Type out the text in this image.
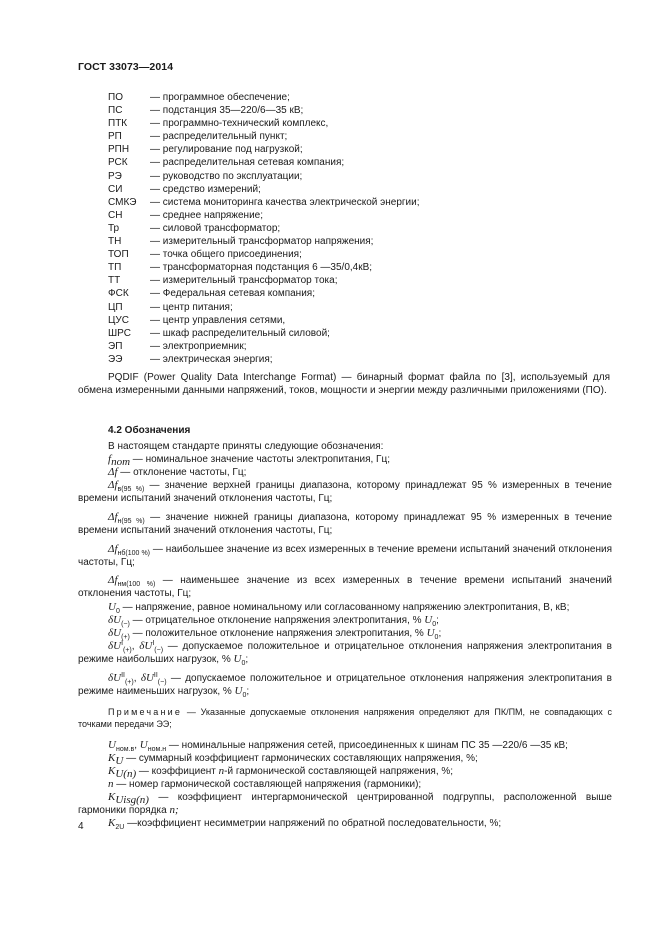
ГОСТ 33073—2014
ПО	— программное обеспечение;
ПС	— подстанция 35—220/6—35 кВ;
ПТК	— программно-технический комплекс,
РП	— распределительный пункт;
РПН	— регулирование под нагрузкой;
РСК	— распределительная сетевая компания;
РЭ	— руководство по эксплуатации;
СИ	— средство измерений;
СМКЭ	— система мониторинга качества электрической энергии;
СН	— среднее напряжение;
Тр	— силовой трансформатор;
ТН	— измерительный трансформатор напряжения;
ТОП	— точка общего присоединения;
ТП	— трансформаторная подстанция 6 —35/0,4кВ;
ТТ	— измерительный трансформатор тока;
ФСК	— Федеральная сетевая компания;
ЦП	— центр питания;
ЦУС	— центр управления сетями,
ШРС	— шкаф распределительный силовой;
ЭП	— электроприемник;
ЭЭ	— электрическая энергия;
PQDIF (Power Quality Data Interchange Format) — бинарный формат файла по [3], используемый для обмена измеренными данными напряжений, токов, мощности и энергии между различными приложениями (ПО).
4.2 Обозначения

В настоящем стандарте приняты следующие обозначения:

$f_{nom}$ — номинальное значение частоты электропитания, Гц;

Δf — отклонение частоты, Гц;

$\Delta f_{в(95 \%)}$ — значение верхней границы диапазона, которому принадлежат 95 % измеренных в течение времени испытаний значений отклонения частоты, Гц;

$\Delta f_{н(95 \%)}$ — значение нижней границы диапазона, которому принадлежат 95 % измеренных в течение времени испытаний значений отклонения частоты, Гц;

$\Delta f_{нб(100 \%)}$ — наибольшее значение из всех измеренных в течение времени испытаний значений отклонения частоты, Гц;

$\Delta f_{нм(100 \%)}$ — наименьшее значение из всех измеренных в течение времени испытаний значений отклонения частоты, Гц;

$U_0$ — напряжение, равное номинальному или согласованному напряжению электропитания, В, кВ;

$\delta U_{(-)}$ — отрицательное отклонение напряжения электропитания, % $U_0$;

$\delta U_{(+)}$ — положительное отклонение напряжения электропитания, % $U_0$;

$\delta U^I_{(+)}$, $\delta U^I_{(-)}$ — допускаемое положительное и отрицательное отклонения напряжения электропитания в режиме наибольших нагрузок, % $U_0$;

$\delta U^{II}_{(+)}$, $\delta U^{II}_{(-)}$ — допускаемое положительное и отрицательное отклонения напряжения электропитания в режиме наименьших нагрузок, % $U_0$;

Примечание — Указанные допускаемые отклонения напряжения определяют для ПК/ПМ, не совпадающих с точками передачи ЭЭ;

$U_{ном.в}$, $U_{ном.н}$ — номинальные напряжения сетей, присоединенных к шинам ПС 35 —220/6 —35 кВ;

$K_U$ — суммарный коэффициент гармонических составляющих напряжения, %;

$K_{U(n)}$ — коэффициент n-й гармонической составляющей напряжения, %;

n — номер гармонической составляющей напряжения (гармоники);

$K_{Uisg(n)}$ — коэффициент интергармонической центрированной подгруппы, расположенной выше гармоники порядка n;

$K_{2U}$ —коэффициент несимметрии напряжений по обратной последовательности, %;

4
